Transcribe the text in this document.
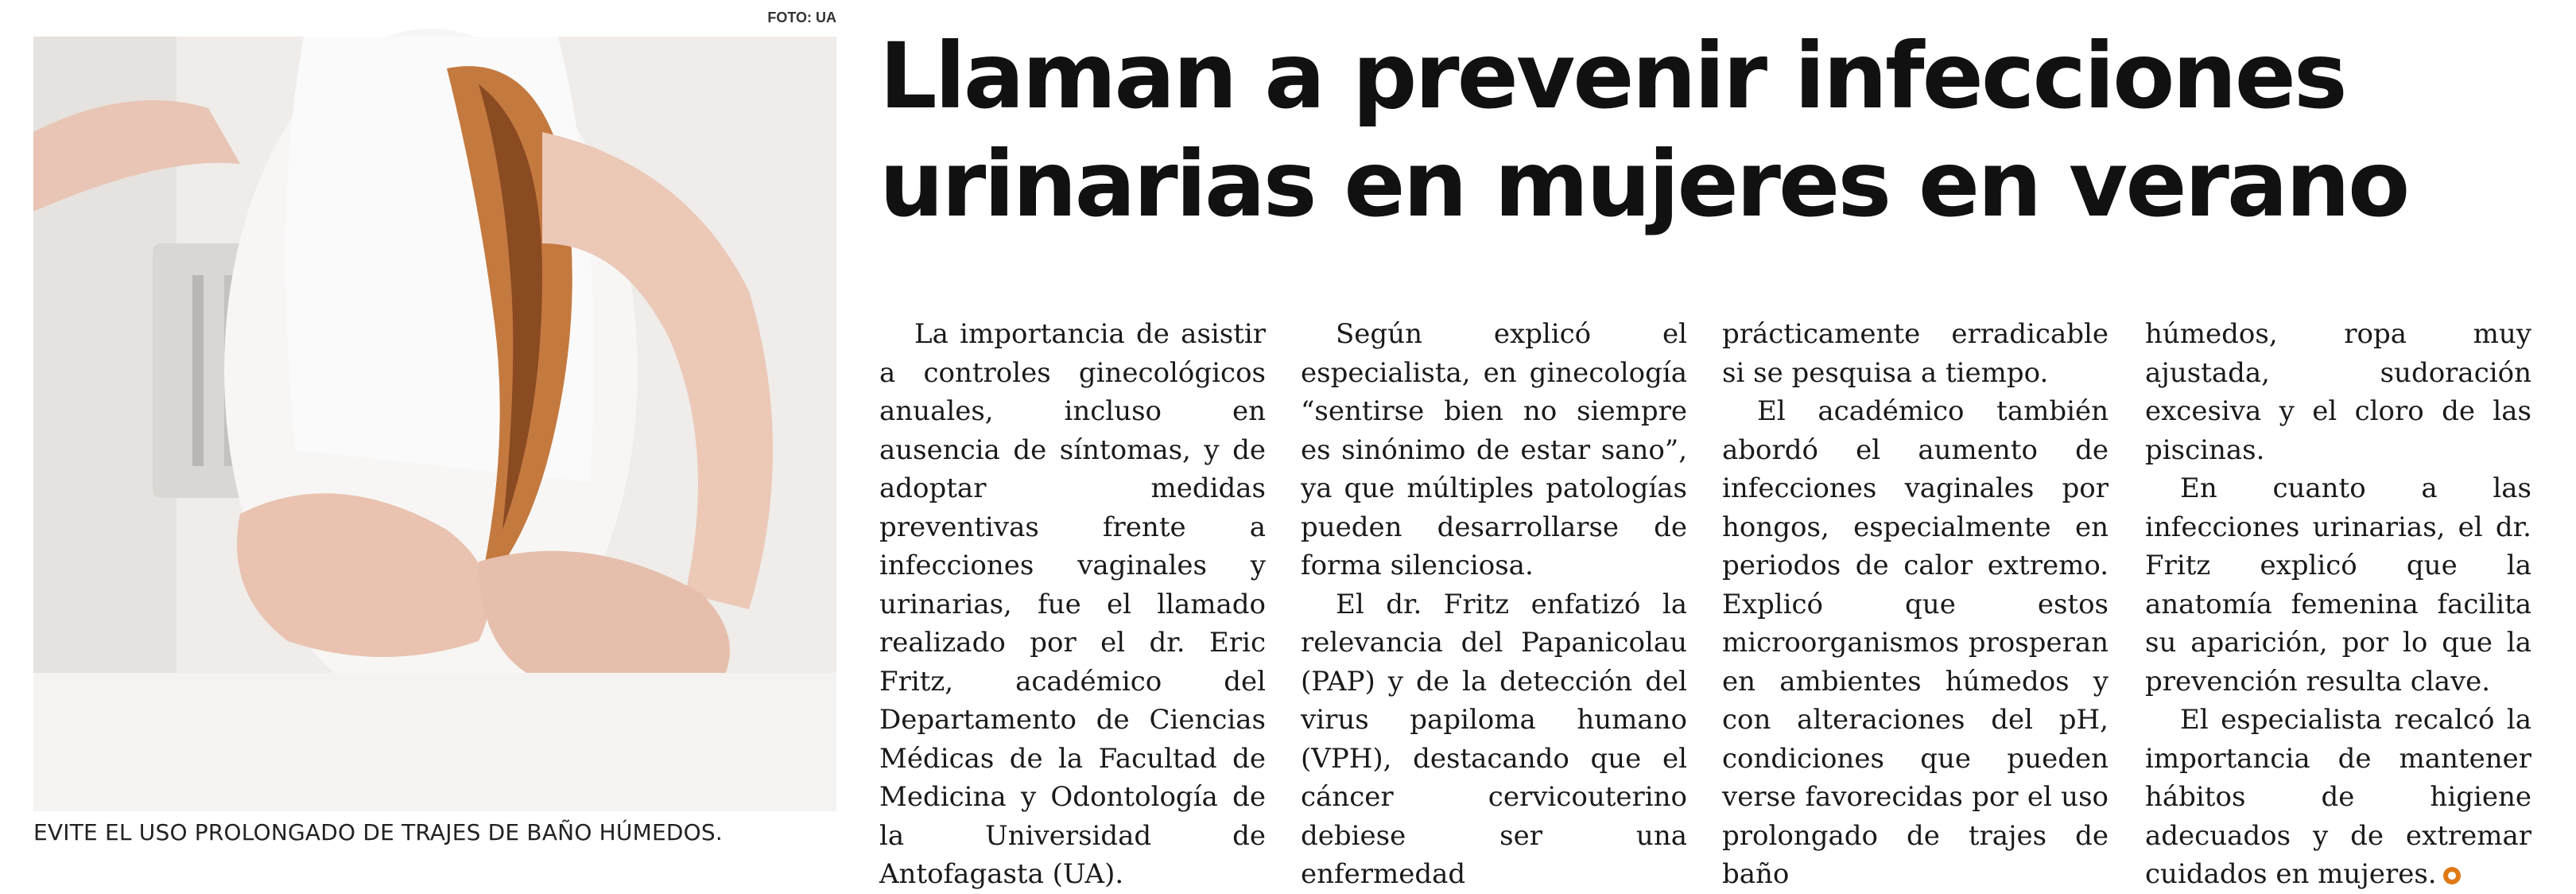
FOTO: UA
EVITE EL USO PROLONGADO DE TRAJES DE BAÑO HÚMEDOS.
Llaman a prevenir infecciones urinarias en mujeres en verano

La importancia de asistir a controles ginecológicos anuales, incluso en ausencia de síntomas, y de adoptar medidas preventivas frente a infecciones vaginales y urinarias, fue el llamado realizado por el dr. Eric Fritz, académico del Departamento de Ciencias Médicas de la Facultad de Medicina y Odontología de la Universidad de Antofagasta (UA).

Según explicó el especialista, en ginecología “sentirse bien no siempre es sinónimo de estar sano”, ya que múltiples patologías pueden desarrollarse de forma silenciosa.

El dr. Fritz enfatizó la relevancia del Papanicolau (PAP) y de la detección del virus papiloma humano (VPH), destacando que el cáncer cervicouterino debiese ser una enfermedad

prácticamente erradicable si se pesquisa a tiempo.

El académico también abordó el aumento de infecciones vaginales por hongos, especialmente en periodos de calor extremo. Explicó que estos microorganismos prosperan en ambientes húmedos y con alteraciones del pH, condiciones que pueden verse favorecidas por el uso prolongado de trajes de baño

húmedos, ropa muy ajustada, sudoración excesiva y el cloro de las piscinas.

En cuanto a las infecciones urinarias, el dr. Fritz explicó que la anatomía femenina facilita su aparición, por lo que la prevención resulta clave.

El especialista recalcó la importancia de mantener hábitos de higiene adecuados y de extremar cuidados en mujeres.
